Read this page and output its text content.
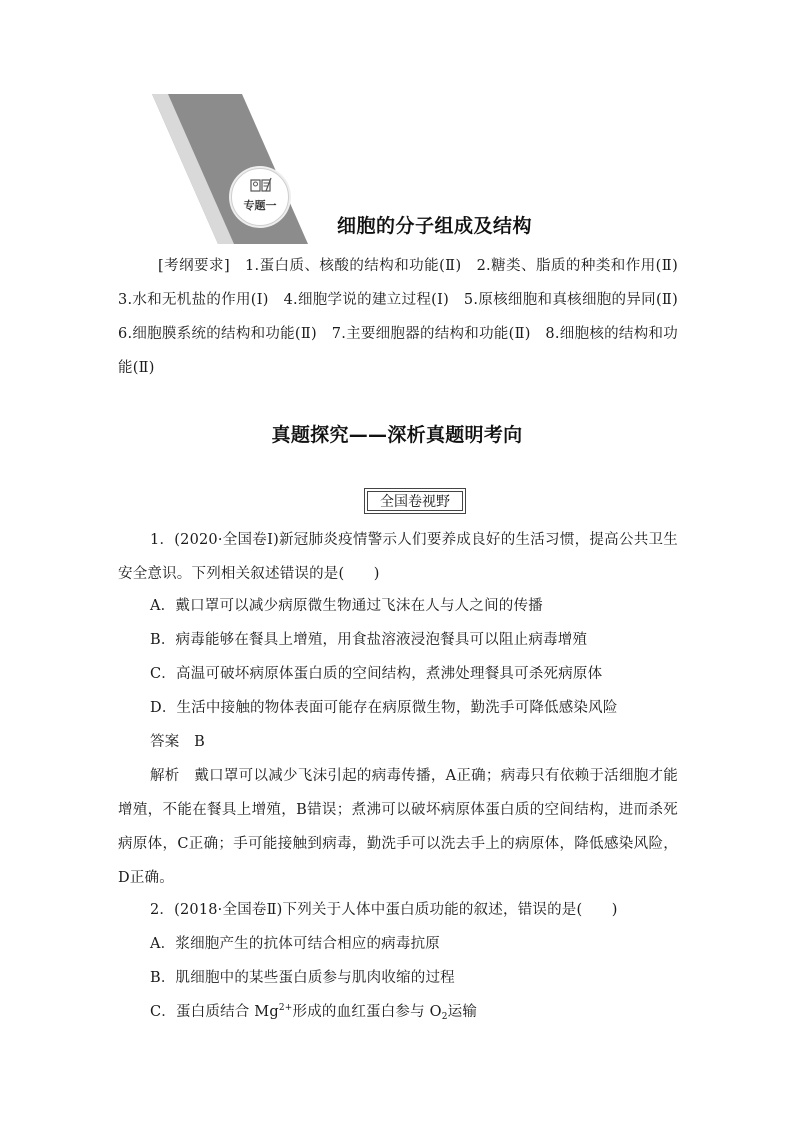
专题一
细胞的分子组成及结构
[考纲要求]　1.蛋白质、核酸的结构和功能(Ⅱ)　2.糖类、脂质的种类和作用(Ⅱ)　3.水和无机盐的作用(Ⅰ)　4.细胞学说的建立过程(Ⅰ)　5.原核细胞和真核细胞的异同(Ⅱ)　6.细胞膜系统的结构和功能(Ⅱ)　7.主要细胞器的结构和功能(Ⅱ)　8.细胞核的结构和功能(Ⅱ)
真题探究——深析真题明考向
全国卷视野
1．(2020·全国卷Ⅰ)新冠肺炎疫情警示人们要养成良好的生活习惯，提高公共卫生安全意识。下列相关叙述错误的是(　　)
A．戴口罩可以减少病原微生物通过飞沫在人与人之间的传播
B．病毒能够在餐具上增殖，用食盐溶液浸泡餐具可以阻止病毒增殖
C．高温可破坏病原体蛋白质的空间结构，煮沸处理餐具可杀死病原体
D．生活中接触的物体表面可能存在病原微生物，勤洗手可降低感染风险
答案　 B
解析　 戴口罩可以减少飞沫引起的病毒传播，A正确；病毒只有依赖于活细胞才能增殖，不能在餐具上增殖，B错误；煮沸可以破坏病原体蛋白质的空间结构，进而杀死病原体，C正确；手可能接触到病毒，勤洗手可以洗去手上的病原体，降低感染风险，D正确。
2．(2018·全国卷Ⅱ)下列关于人体中蛋白质功能的叙述，错误的是(　　)
A．浆细胞产生的抗体可结合相应的病毒抗原
B．肌细胞中的某些蛋白质参与肌肉收缩的过程
C．蛋白质结合 $Mg^{2+}$形成的血红蛋白参与 $O_2$运输
